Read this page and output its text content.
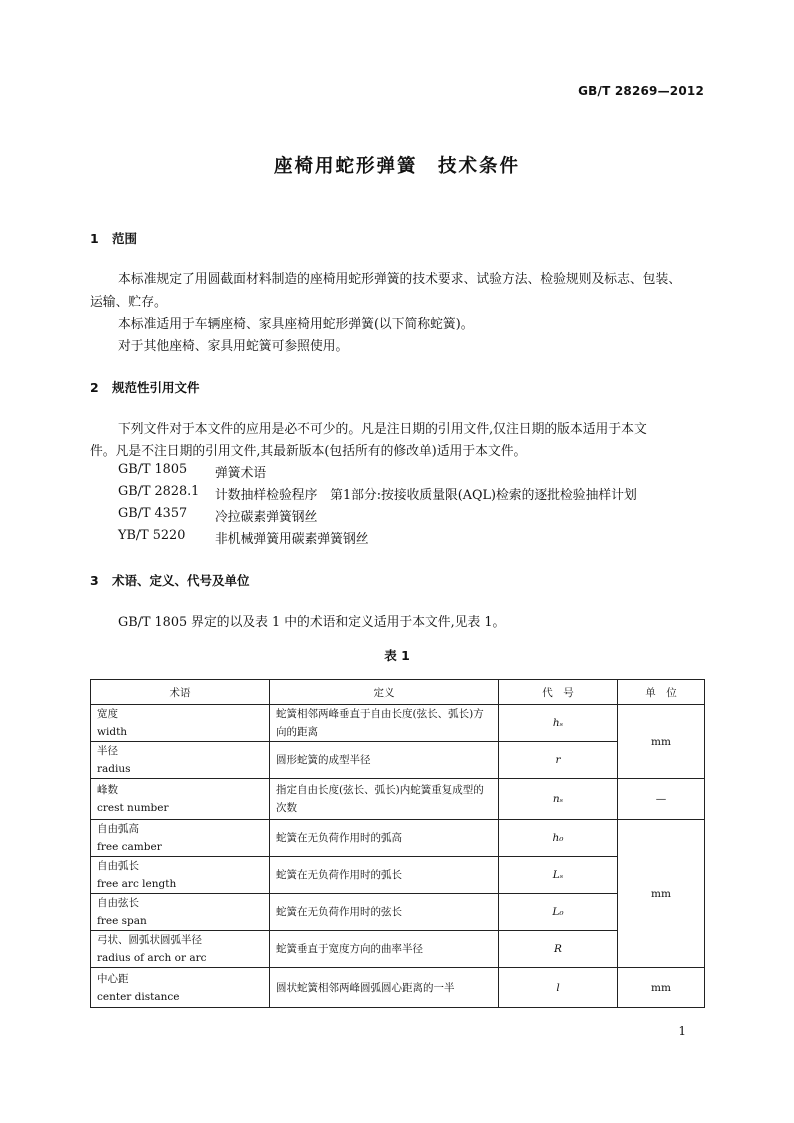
GB/T 28269—2012
座椅用蛇形弹簧　技术条件
1 范围
本标准规定了用圆截面材料制造的座椅用蛇形弹簧的技术要求、试验方法、检验规则及标志、包装、
运输、贮存。
本标准适用于车辆座椅、家具座椅用蛇形弹簧(以下简称蛇簧)。
对于其他座椅、家具用蛇簧可参照使用。
2 规范性引用文件
下列文件对于本文件的应用是必不可少的。凡是注日期的引用文件,仅注日期的版本适用于本文
件。凡是不注日期的引用文件,其最新版本(包括所有的修改单)适用于本文件。
GB/T 1805 弹簧术语
GB/T 2828.1 计数抽样检验程序　第1部分:按接收质量限(AQL)检索的逐批检验抽样计划
GB/T 4357 冷拉碳素弹簧钢丝
YB/T 5220 非机械弹簧用碳素弹簧钢丝
3 术语、定义、代号及单位
GB/T 1805 界定的以及表 1 中的术语和定义适用于本文件,见表 1。
表 1
术语	定义	代　号	单　位

宽度
width	蛇簧相邻两峰垂直于自由长度(弦长、弧长)方向的距离	hₛ	mm

半径
radius	圆形蛇簧的成型半径	r	

峰数
crest number	指定自由长度(弦长、弧长)内蛇簧重复成型的次数	nₛ	—

自由弧高
free camber	蛇簧在无负荷作用时的弧高	h₀	mm

自由弧长
free arc length	蛇簧在无负荷作用时的弧长	Lₛ	

自由弦长
free span	蛇簧在无负荷作用时的弦长	L₀	

弓状、圆弧状圆弧半径
radius of arch or arc	蛇簧垂直于宽度方向的曲率半径	R	

中心距
center distance	圆状蛇簧相邻两峰圆弧圆心距离的一半	l	mm
1
